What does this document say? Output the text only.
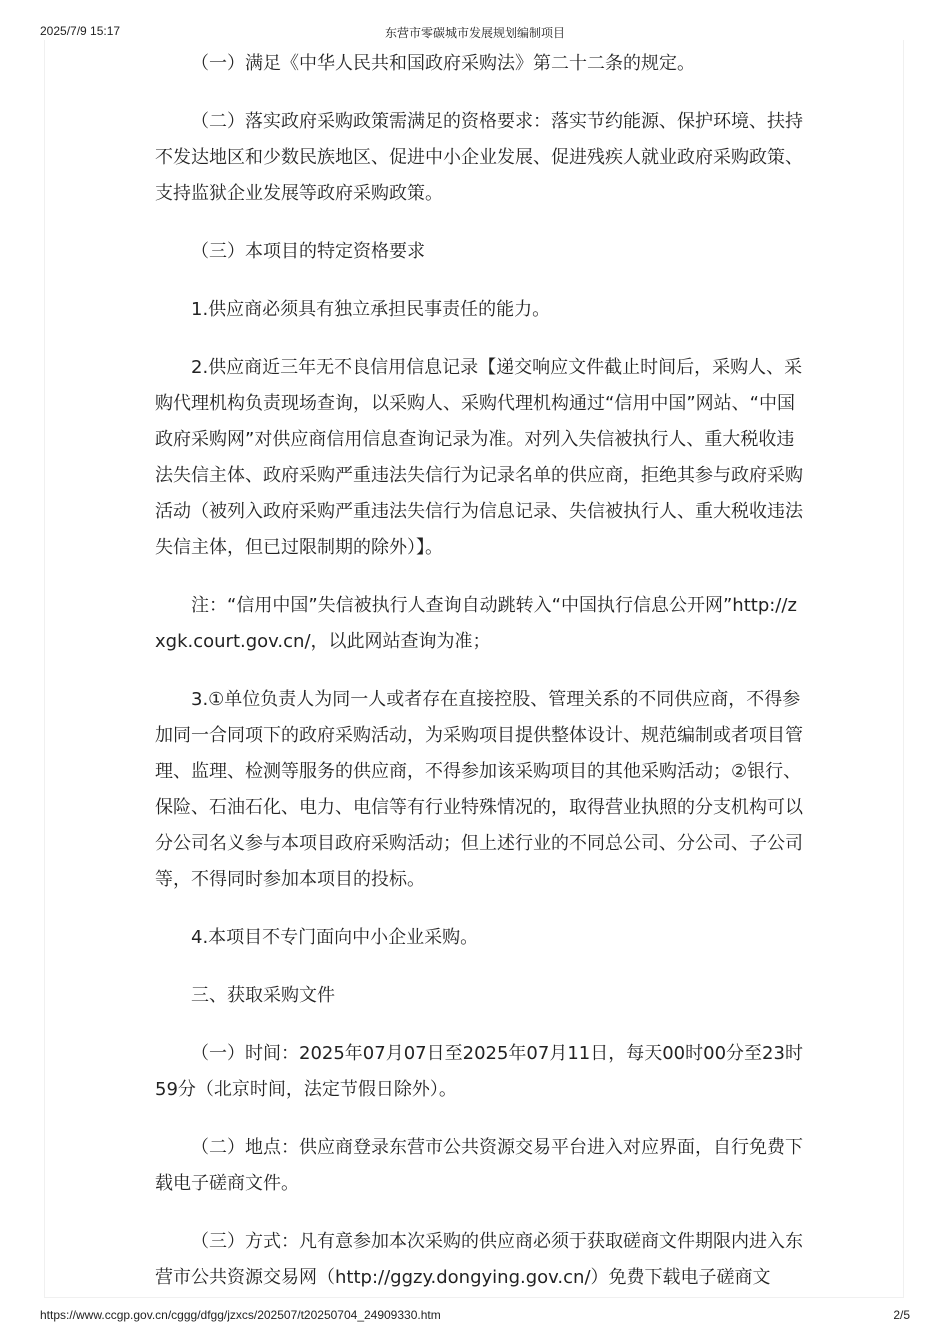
2025/7/9 15:17	东营市零碳城市发展规划编制项目

（一）满足《中华人民共和国政府采购法》第二十二条的规定。

（二）落实政府采购政策需满足的资格要求：落实节约能源、保护环境、扶持不发达地区和少数民族地区、促进中小企业发展、促进残疾人就业政府采购政策、支持监狱企业发展等政府采购政策。

（三）本项目的特定资格要求

1.供应商必须具有独立承担民事责任的能力。

2.供应商近三年无不良信用信息记录【递交响应文件截止时间后，采购人、采购代理机构负责现场查询，以采购人、采购代理机构通过“信用中国”网站、“中国政府采购网”对供应商信用信息查询记录为准。对列入失信被执行人、重大税收违法失信主体、政府采购严重违法失信行为记录名单的供应商，拒绝其参与政府采购活动（被列入政府采购严重违法失信行为信息记录、失信被执行人、重大税收违法失信主体，但已过限制期的除外）】。

注：“信用中国”失信被执行人查询自动跳转入“中国执行信息公开网”http://zxgk.court.gov.cn/，以此网站查询为准；

3.①单位负责人为同一人或者存在直接控股、管理关系的不同供应商，不得参加同一合同项下的政府采购活动，为采购项目提供整体设计、规范编制或者项目管理、监理、检测等服务的供应商，不得参加该采购项目的其他采购活动；②银行、保险、石油石化、电力、电信等有行业特殊情况的，取得营业执照的分支机构可以分公司名义参与本项目政府采购活动；但上述行业的不同总公司、分公司、子公司等，不得同时参加本项目的投标。

4.本项目不专门面向中小企业采购。

三、获取采购文件

（一）时间：2025年07月07日至2025年07月11日，每天00时00分至23时59分（北京时间，法定节假日除外）。

（二）地点：供应商登录东营市公共资源交易平台进入对应界面，自行免费下载电子磋商文件。

（三）方式：凡有意参加本次采购的供应商必须于获取磋商文件期限内进入东营市公共资源交易网（http://ggzy.dongying.gov.cn/）免费下载电子磋商文

https://www.ccgp.gov.cn/cggg/dfgg/jzxcs/202507/t20250704_24909330.htm	2/5
